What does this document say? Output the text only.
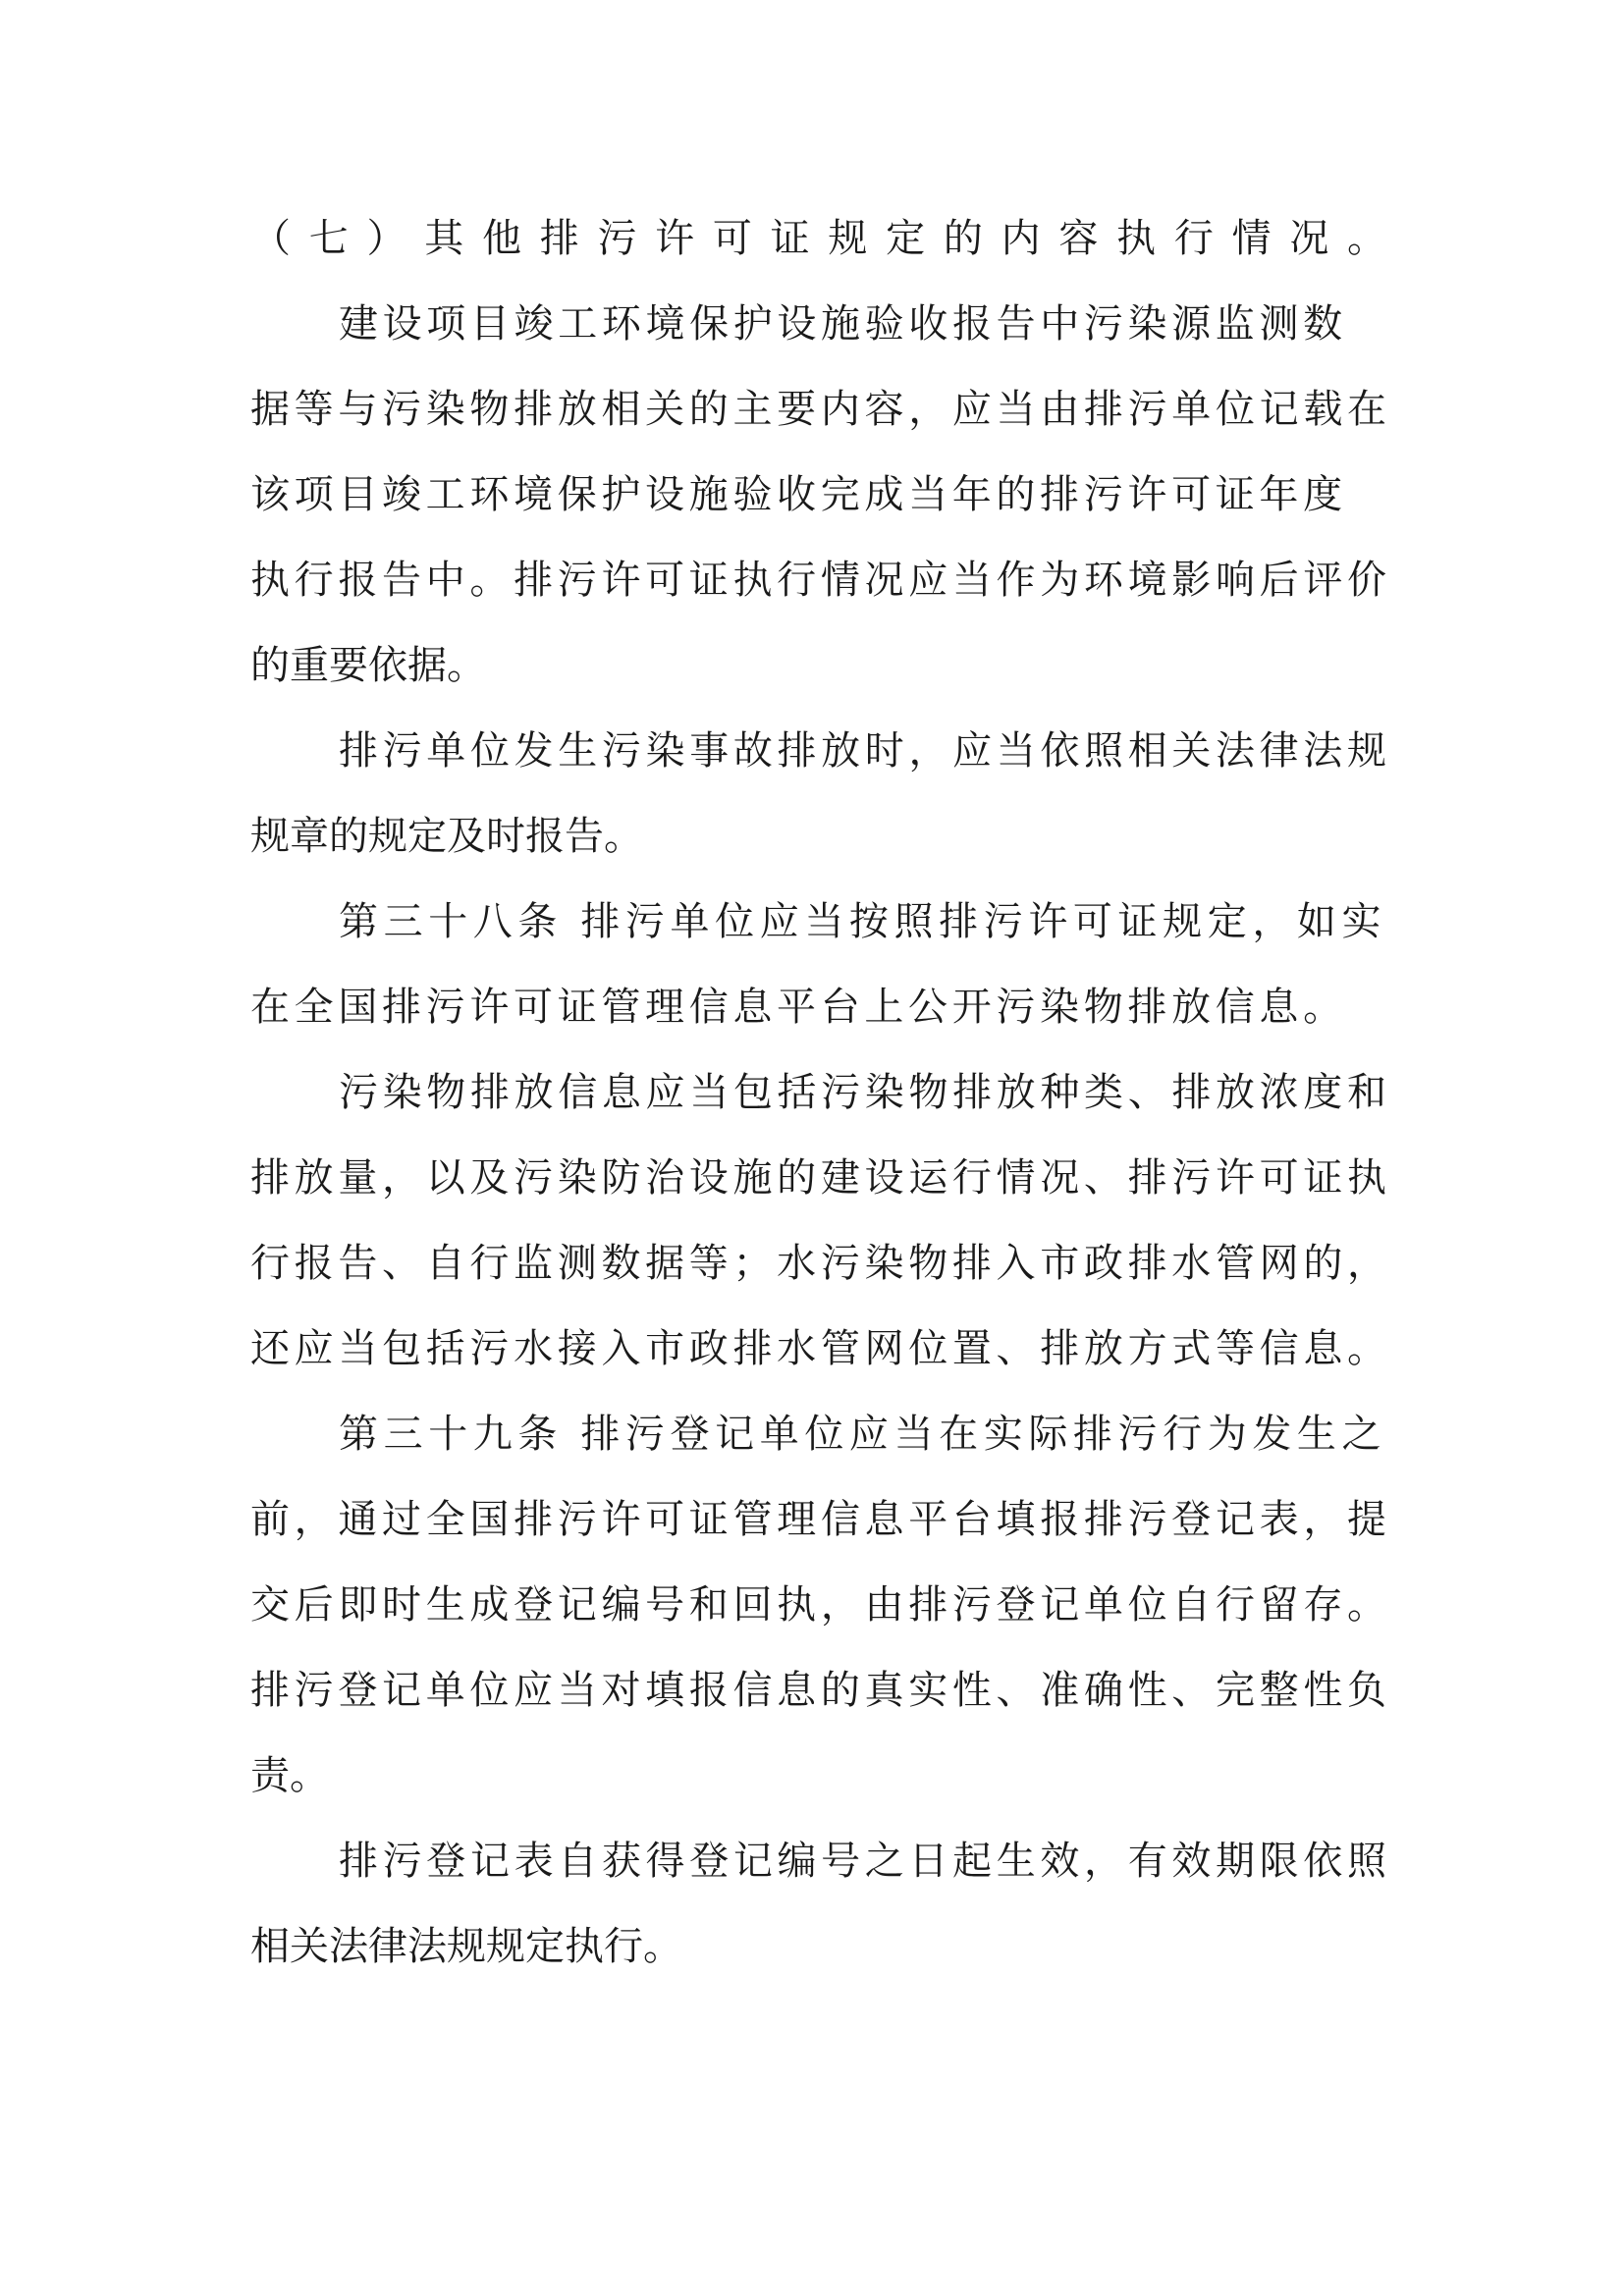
（七）其他排污许可证规定的内容执行情况。
建设项目竣工环境保护设施验收报告中污染源监测数
据等与污染物排放相关的主要内容，应当由排污单位记载在
该项目竣工环境保护设施验收完成当年的排污许可证年度
执行报告中。排污许可证执行情况应当作为环境影响后评价
的重要依据。
排污单位发生污染事故排放时，应当依照相关法律法规
规章的规定及时报告。
第三十八条 排污单位应当按照排污许可证规定，如实
在全国排污许可证管理信息平台上公开污染物排放信息。
污染物排放信息应当包括污染物排放种类、排放浓度和
排放量，以及污染防治设施的建设运行情况、排污许可证执
行报告、自行监测数据等；水污染物排入市政排水管网的，
还应当包括污水接入市政排水管网位置、排放方式等信息。
第三十九条 排污登记单位应当在实际排污行为发生之
前，通过全国排污许可证管理信息平台填报排污登记表，提
交后即时生成登记编号和回执，由排污登记单位自行留存。
排污登记单位应当对填报信息的真实性、准确性、完整性负
责。
排污登记表自获得登记编号之日起生效，有效期限依照
相关法律法规规定执行。
